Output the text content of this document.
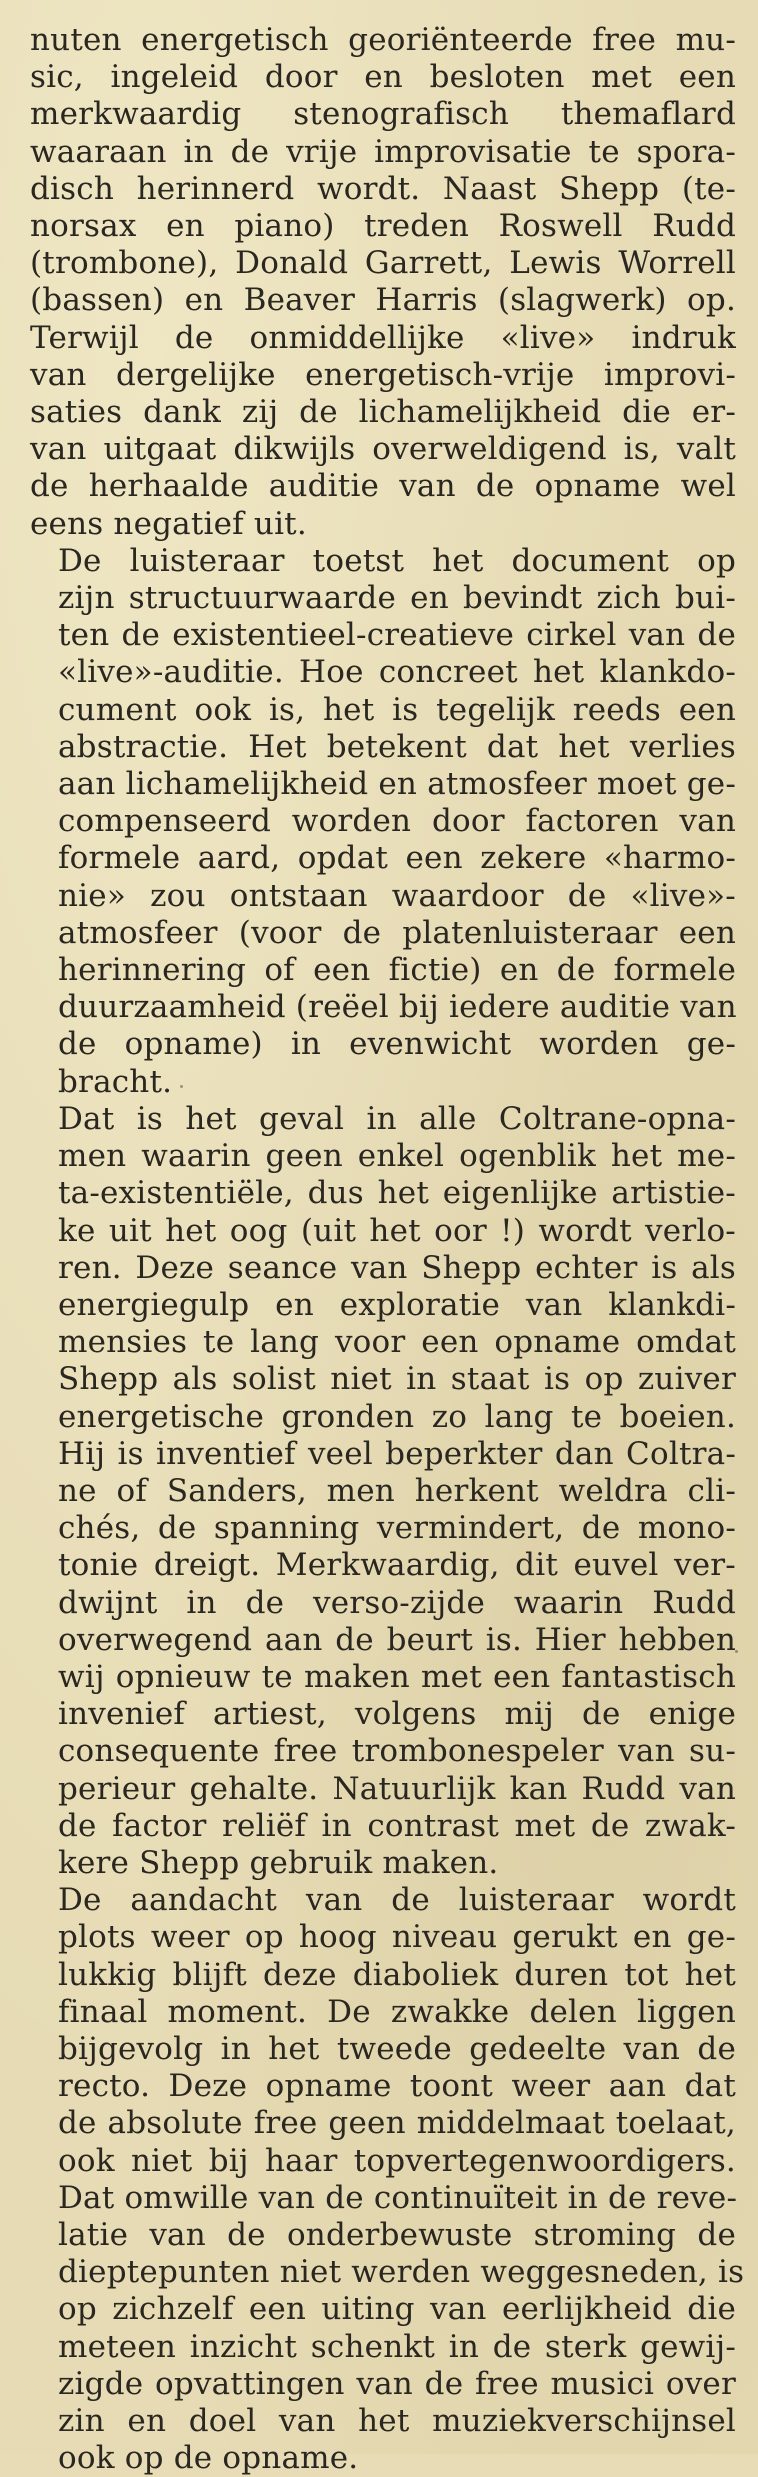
nuten energetisch georiënteerde free mu-
sic, ingeleid door en besloten met een
merkwaardig stenografisch themaflard
waaraan in de vrije improvisatie te spora-
disch herinnerd wordt. Naast Shepp (te-
norsax en piano) treden Roswell Rudd
(trombone), Donald Garrett, Lewis Worrell
(bassen) en Beaver Harris (slagwerk) op.
Terwijl de onmiddellijke «live» indruk
van dergelijke energetisch-vrije improvi-
saties dank zij de lichamelijkheid die er-
van uitgaat dikwijls overweldigend is, valt
de herhaalde auditie van de opname wel
eens negatief uit.

De luisteraar toetst het document op
zijn structuurwaarde en bevindt zich bui-
ten de existentieel-creatieve cirkel van de
«live»-auditie. Hoe concreet het klankdo-
cument ook is, het is tegelijk reeds een
abstractie. Het betekent dat het verlies
aan lichamelijkheid en atmosfeer moet ge-
compenseerd worden door factoren van
formele aard, opdat een zekere «harmo-
nie» zou ontstaan waardoor de «live»-
atmosfeer (voor de platenluisteraar een
herinnering of een fictie) en de formele
duurzaamheid (reëel bij iedere auditie van
de opname) in evenwicht worden ge-
bracht.

Dat is het geval in alle Coltrane-opna-
men waarin geen enkel ogenblik het me-
ta-existentiële, dus het eigenlijke artistie-
ke uit het oog (uit het oor !) wordt verlo-
ren. Deze seance van Shepp echter is als
energiegulp en exploratie van klankdi-
mensies te lang voor een opname omdat
Shepp als solist niet in staat is op zuiver
energetische gronden zo lang te boeien.
Hij is inventief veel beperkter dan Coltra-
ne of Sanders, men herkent weldra cli-
chés, de spanning vermindert, de mono-
tonie dreigt. Merkwaardig, dit euvel ver-
dwijnt in de verso-zijde waarin Rudd
overwegend aan de beurt is. Hier hebben
wij opnieuw te maken met een fantastisch
invenief artiest, volgens mij de enige
consequente free trombonespeler van su-
perieur gehalte. Natuurlijk kan Rudd van
de factor reliëf in contrast met de zwak-
kere Shepp gebruik maken.

De aandacht van de luisteraar wordt
plots weer op hoog niveau gerukt en ge-
lukkig blijft deze diaboliek duren tot het
finaal moment. De zwakke delen liggen
bijgevolg in het tweede gedeelte van de
recto. Deze opname toont weer aan dat
de absolute free geen middelmaat toelaat,
ook niet bij haar topvertegenwoordigers.
Dat omwille van de continuïteit in de reve-
latie van de onderbewuste stroming de
dieptepunten niet werden weggesneden, is
op zichzelf een uiting van eerlijkheid die
meteen inzicht schenkt in de sterk gewij-
zigde opvattingen van de free musici over
zin en doel van het muziekverschijnsel
ook op de opname.
